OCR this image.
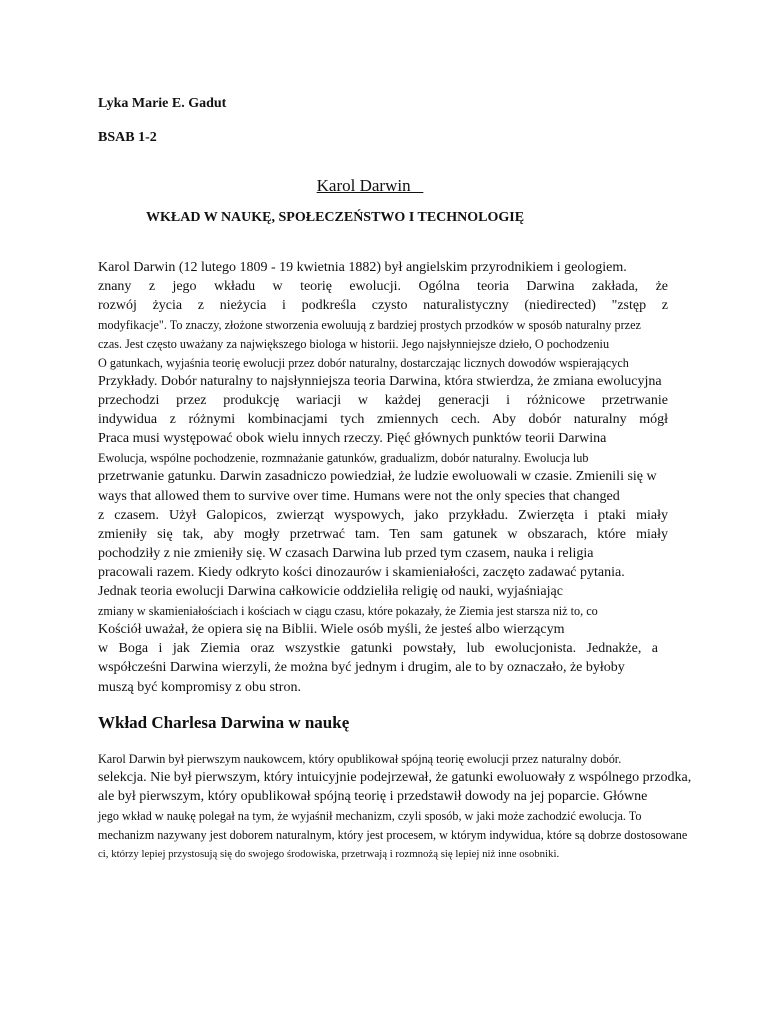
Lyka Marie E. Gadut
BSAB 1-2
Karol Darwin
WKŁAD W NAUKĘ, SPOŁECZEŃSTWO I TECHNOLOGIĘ
Karol Darwin (12 lutego 1809 - 19 kwietnia 1882) był angielskim przyrodnikiem i geologiem.
znany z jego wkładu w teorię ewolucji. Ogólna teoria Darwina zakłada, że
rozwój życia z nieżycia i podkreśla czysto naturalistyczny (niedirected) "zstęp z
modyfikacje". To znaczy, złożone stworzenia ewoluują z bardziej prostych przodków w sposób naturalny przez
czas. Jest często uważany za największego biologa w historii. Jego najsłynniejsze dzieło, O pochodzeniu
O gatunkach, wyjaśnia teorię ewolucji przez dobór naturalny, dostarczając licznych dowodów wspierających
Przykłady. Dobór naturalny to najsłynniejsza teoria Darwina, która stwierdza, że zmiana ewolucyjna
przechodzi przez produkcję wariacji w każdej generacji i różnicowe przetrwanie
indywidua z różnymi kombinacjami tych zmiennych cech. Aby dobór naturalny mógł
Praca musi występować obok wielu innych rzeczy. Pięć głównych punktów teorii Darwina
Ewolucja, wspólne pochodzenie, rozmnażanie gatunków, gradualizm, dobór naturalny. Ewolucja lub
przetrwanie gatunku. Darwin zasadniczo powiedział, że ludzie ewoluowali w czasie. Zmienili się w
ways that allowed them to survive over time. Humans were not the only species that changed
z czasem. Użył Galopicos, zwierząt wyspowych, jako przykładu. Zwierzęta i ptaki miały
zmieniły się tak, aby mogły przetrwać tam. Ten sam gatunek w obszarach, które miały
pochodziły z nie zmieniły się. W czasach Darwina lub przed tym czasem, nauka i religia
pracowali razem. Kiedy odkryto kości dinozaurów i skamieniałości, zaczęto zadawać pytania.
Jednak teoria ewolucji Darwina całkowicie oddzieliła religię od nauki, wyjaśniając
zmiany w skamieniałościach i kościach w ciągu czasu, które pokazały, że Ziemia jest starsza niż to, co
Kościół uważał, że opiera się na Biblii. Wiele osób myśli, że jesteś albo wierzącym
w Boga i jak Ziemia oraz wszystkie gatunki powstały, lub ewolucjonista. Jednakże, a
współcześni Darwina wierzyli, że można być jednym i drugim, ale to by oznaczało, że byłoby
muszą być kompromisy z obu stron.
Wkład Charlesa Darwina w naukę
Karol Darwin był pierwszym naukowcem, który opublikował spójną teorię ewolucji przez naturalny dobór.
selekcja. Nie był pierwszym, który intuicyjnie podejrzewał, że gatunki ewoluowały z wspólnego przodka,
ale był pierwszym, który opublikował spójną teorię i przedstawił dowody na jej poparcie. Główne
jego wkład w naukę polegał na tym, że wyjaśnił mechanizm, czyli sposób, w jaki może zachodzić ewolucja. To
mechanizm nazywany jest doborem naturalnym, który jest procesem, w którym indywidua, które są dobrze dostosowane
ci, którzy lepiej przystosują się do swojego środowiska, przetrwają i rozmnożą się lepiej niż inne osobniki.
